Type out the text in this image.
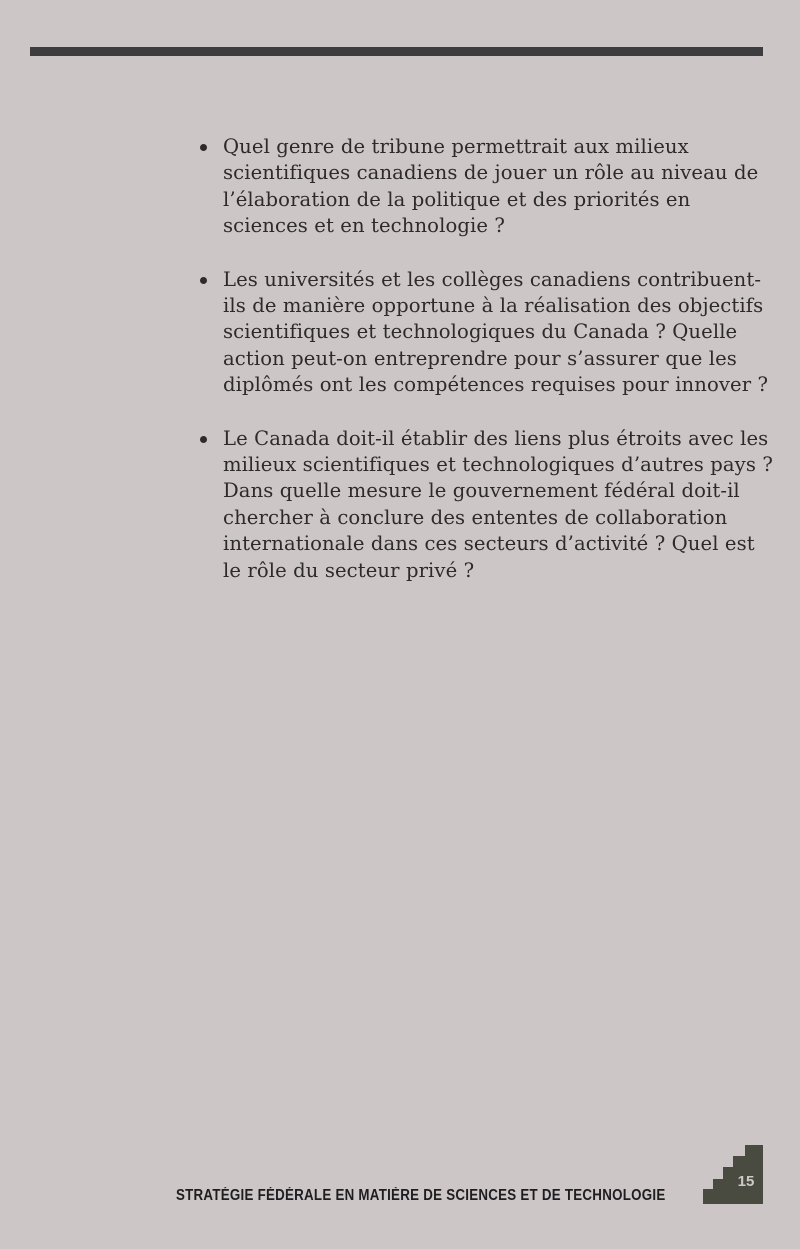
Quel genre de tribune permettrait aux milieux scientifiques canadiens de jouer un rôle au niveau de l’élaboration de la politique et des priorités en sciences et en technologie ?
Les universités et les collèges canadiens contribuent-ils de manière opportune à la réalisation des objectifs scientifiques et technologiques du Canada ? Quelle action peut-on entreprendre pour s’assurer que les diplômés ont les compétences requises pour innover ?
Le Canada doit-il établir des liens plus étroits avec les milieux scientifiques et technologiques d’autres pays ? Dans quelle mesure le gouvernement fédéral doit-il chercher à conclure des ententes de collaboration internationale dans ces secteurs d’activité ? Quel est le rôle du secteur privé ?
STRATÉGIE FÉDÉRALE EN MATIÈRE DE SCIENCES ET DE TECHNOLOGIE
15
